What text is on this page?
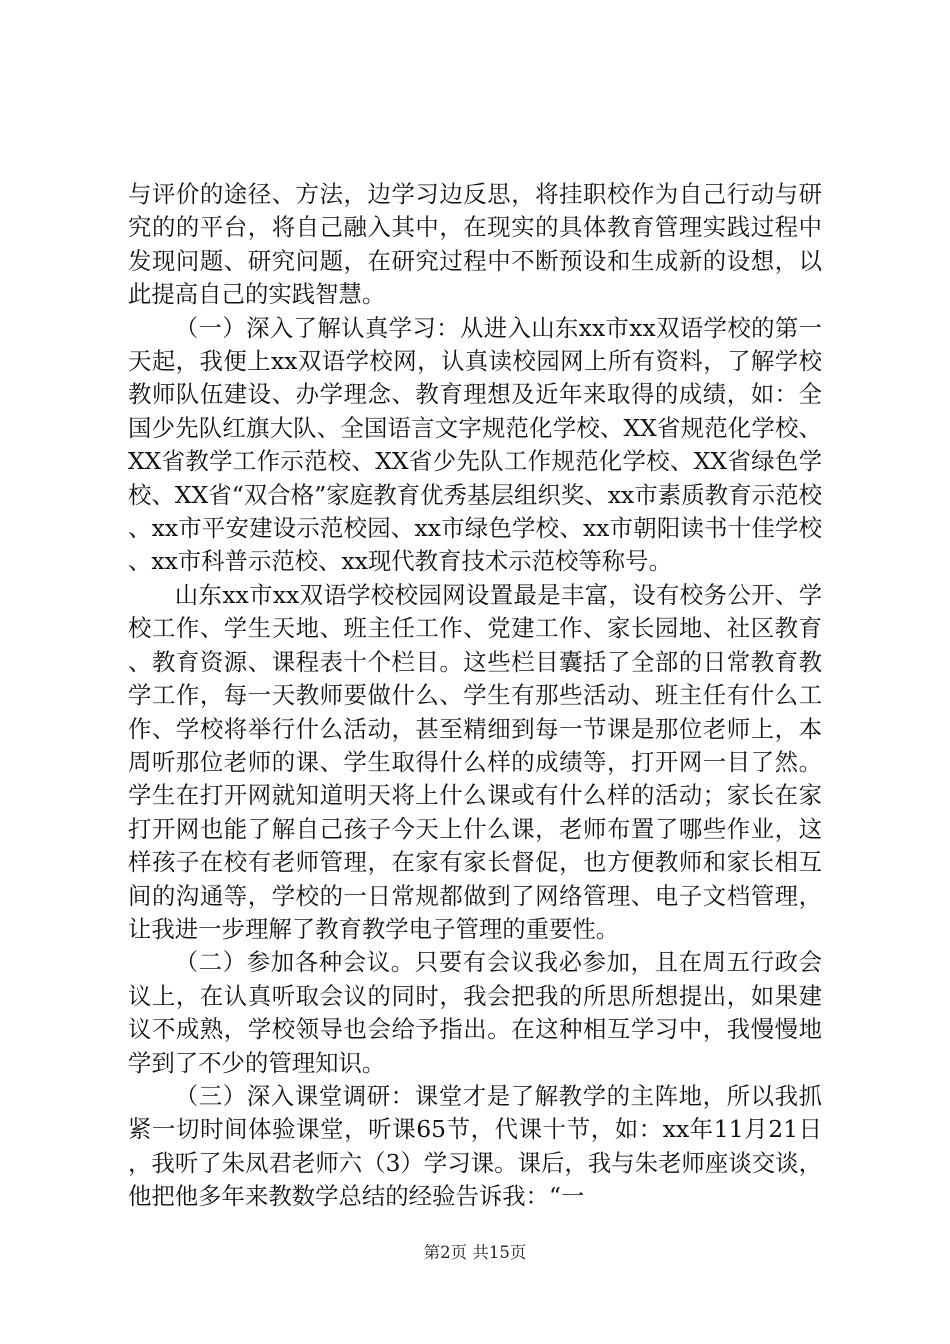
与评价的途径、方法，边学习边反思，将挂职校作为自己行动与研究的的平台，将自己融入其中，在现实的具体教育管理实践过程中发现问题、研究问题，在研究过程中不断预设和生成新的设想，以此提高自己的实践智慧。

（一）深入了解认真学习：从进入山东xx市xx双语学校的第一天起，我便上xx双语学校网，认真读校园网上所有资料，了解学校教师队伍建设、办学理念、教育理想及近年来取得的成绩，如：全国少先队红旗大队、全国语言文字规范化学校、XX省规范化学校、XX省教学工作示范校、XX省少先队工作规范化学校、XX省绿色学校、XX省“双合格”家庭教育优秀基层组织奖、xx市素质教育示范校、xx市平安建设示范校园、xx市绿色学校、xx市朝阳读书十佳学校、xx市科普示范校、xx现代教育技术示范校等称号。

山东xx市xx双语学校校园网设置最是丰富，设有校务公开、学校工作、学生天地、班主任工作、党建工作、家长园地、社区教育、教育资源、课程表十个栏目。这些栏目囊括了全部的日常教育教学工作，每一天教师要做什么、学生有那些活动、班主任有什么工作、学校将举行什么活动，甚至精细到每一节课是那位老师上，本周听那位老师的课、学生取得什么样的成绩等，打开网一目了然。学生在打开网就知道明天将上什么课或有什么样的活动；家长在家打开网也能了解自己孩子今天上什么课，老师布置了哪些作业，这样孩子在校有老师管理，在家有家长督促，也方便教师和家长相互间的沟通等，学校的一日常规都做到了网络管理、电子文档管理，让我进一步理解了教育教学电子管理的重要性。

（二）参加各种会议。只要有会议我必参加，且在周五行政会议上，在认真听取会议的同时，我会把我的所思所想提出，如果建议不成熟，学校领导也会给予指出。在这种相互学习中，我慢慢地学到了不少的管理知识。

（三）深入课堂调研：课堂才是了解教学的主阵地，所以我抓紧一切时间体验课堂，听课65节，代课十节，如：xx年11月21日，我听了朱凤君老师六（3）学习课。课后，我与朱老师座谈交谈，他把他多年来教数学总结的经验告诉我：“一

第2页 共15页
